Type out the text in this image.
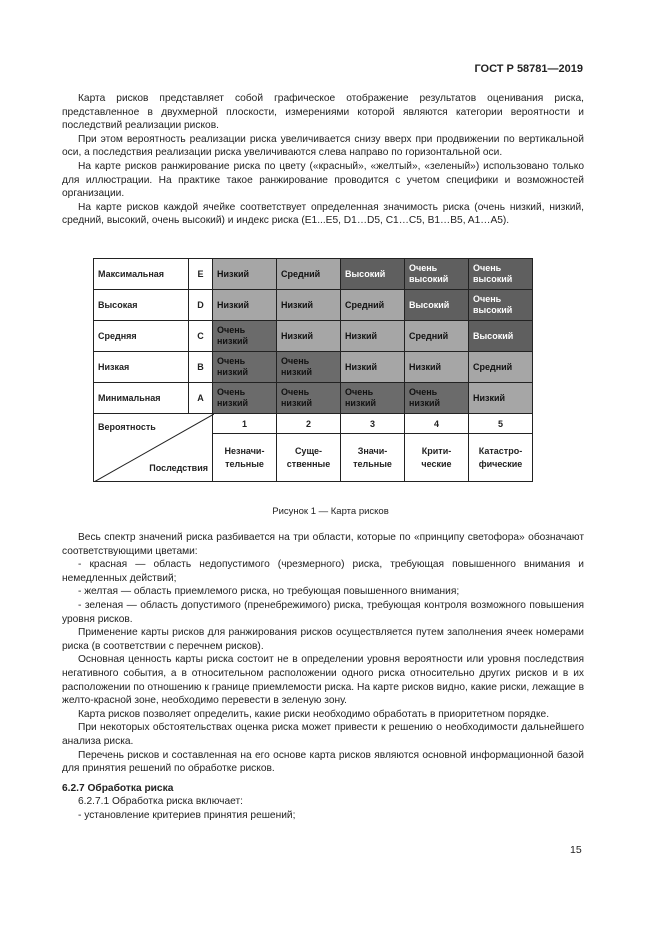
ГОСТ Р 58781—2019

Карта рисков представляет собой графическое отображение результатов оценивания риска, представленное в двухмерной плоскости, измерениями которой являются категории вероятности и последствий реализации рисков.

При этом вероятность реализации риска увеличивается снизу вверх при продвижении по вертикальной оси, а последствия реализации риска увеличиваются слева направо по горизонтальной оси.

На карте рисков ранжирование риска по цвету («красный», «желтый», «зеленый») использовано только для иллюстрации. На практике такое ранжирование проводится с учетом специфики и возможностей организации.

На карте рисков каждой ячейке соответствует определенная значимость риска (очень низкий, низкий, средний, высокий, очень высокий) и индекс риска (E1...E5, D1…D5, C1…C5, B1…B5, A1…A5).

Максимальная	E	Низкий	Средний	Высокий	Очень высокий	Очень высокий
Высокая	D	Низкий	Низкий	Средний	Высокий	Очень высокий
Средняя	C	Очень низкий	Низкий	Низкий	Средний	Высокий
Низкая	B	Очень низкий	Очень низкий	Низкий	Низкий	Средний
Минимальная	A	Очень низкий	Очень низкий	Очень низкий	Очень низкий	Низкий

Вероятность
Последствия		1	2	3	4	5
		Незначи-тельные	Суще-ственные	Значи-тельные	Крити-ческие	Катастро-фические
Рисунок 1 — Карта рисков

Весь спектр значений риска разбивается на три области, которые по «принципу светофора» обозначают соответствующими цветами:

- красная — область недопустимого (чрезмерного) риска, требующая повышенного внимания и немедленных действий;

- желтая — область приемлемого риска, но требующая повышенного внимания;

- зеленая — область допустимого (пренебрежимого) риска, требующая контроля возможного повышения уровня рисков.

Применение карты рисков для ранжирования рисков осуществляется путем заполнения ячеек номерами риска (в соответствии с перечнем рисков).

Основная ценность карты риска состоит не в определении уровня вероятности или уровня последствия негативного события, а в относительном расположении одного риска относительно других рисков и в их расположении по отношению к границе приемлемости риска. На карте рисков видно, какие риски, лежащие в желто-красной зоне, необходимо перевести в зеленую зону.

Карта рисков позволяет определить, какие риски необходимо обработать в приоритетном порядке.

При некоторых обстоятельствах оценка риска может привести к решению о необходимости дальнейшего анализа риска.

Перечень рисков и составленная на его основе карта рисков являются основной информационной базой для принятия решений по обработке рисков.

6.2.7 Обработка риска

6.2.7.1 Обработка риска включает:

- установление критериев принятия решений;

15
